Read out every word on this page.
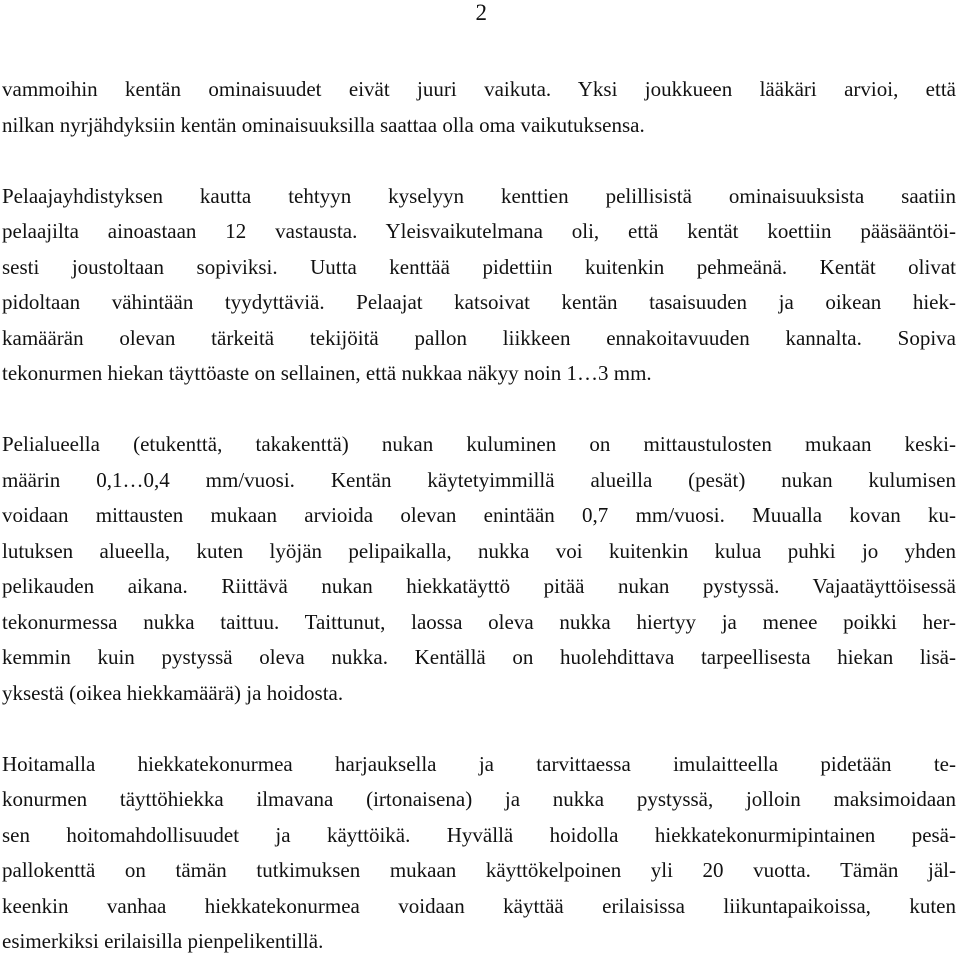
2
vammoihin kentän ominaisuudet eivät juuri vaikuta. Yksi joukkueen lääkäri arvioi, että
nilkan nyrjähdyksiin kentän ominaisuuksilla saattaa olla oma vaikutuksensa.
Pelaajayhdistyksen kautta tehtyyn kyselyyn kenttien pelillisistä ominaisuuksista saatiin
pelaajilta ainoastaan 12 vastausta. Yleisvaikutelmana oli, että kentät koettiin pääsääntöi-
sesti joustoltaan sopiviksi. Uutta kenttää pidettiin kuitenkin pehmeänä. Kentät olivat
pidoltaan vähintään tyydyttäviä. Pelaajat katsoivat kentän tasaisuuden ja oikean hiek-
kamäärän olevan tärkeitä tekijöitä pallon liikkeen ennakoitavuuden kannalta. Sopiva
tekonurmen hiekan täyttöaste on sellainen, että nukkaa näkyy noin 1…3 mm.
Pelialueella (etukenttä, takakenttä) nukan kuluminen on mittaustulosten mukaan keski-
määrin 0,1…0,4 mm/vuosi. Kentän käytetyimmillä alueilla (pesät) nukan kulumisen
voidaan mittausten mukaan arvioida olevan enintään 0,7 mm/vuosi. Muualla kovan ku-
lutuksen alueella, kuten lyöjän pelipaikalla, nukka voi kuitenkin kulua puhki jo yhden
pelikauden aikana. Riittävä nukan hiekkatäyttö pitää nukan pystyssä. Vajaatäyttöisessä
tekonurmessa nukka taittuu. Taittunut, laossa oleva nukka hiertyy ja menee poikki her-
kemmin kuin pystyssä oleva nukka. Kentällä on huolehdittava tarpeellisesta hiekan lisä-
yksestä (oikea hiekkamäärä) ja hoidosta.
Hoitamalla hiekkatekonurmea harjauksella ja tarvittaessa imulaitteella pidetään te-
konurmen täyttöhiekka ilmavana (irtonaisena) ja nukka pystyssä, jolloin maksimoidaan
sen hoitomahdollisuudet ja käyttöikä. Hyvällä hoidolla hiekkatekonurmipintainen pesä-
pallokenttä on tämän tutkimuksen mukaan käyttökelpoinen yli 20 vuotta. Tämän jäl-
keenkin vanhaa hiekkatekonurmea voidaan käyttää erilaisissa liikuntapaikoissa, kuten
esimerkiksi erilaisilla pienpelikentillä.
